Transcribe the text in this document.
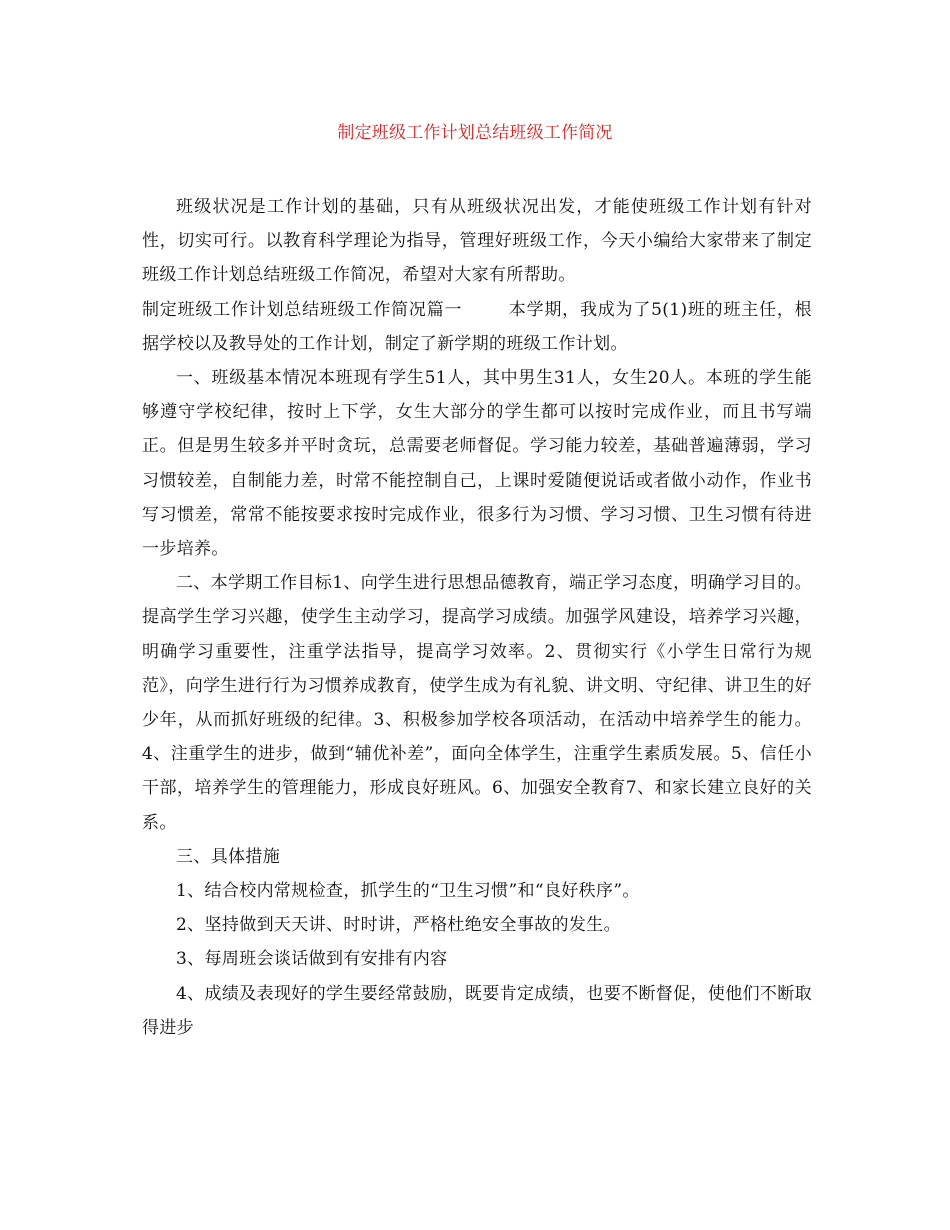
制定班级工作计划总结班级工作简况

班级状况是工作计划的基础，只有从班级状况出发，才能使班级工作计划有针对性，切实可行。以教育科学理论为指导，管理好班级工作，今天小编给大家带来了制定班级工作计划总结班级工作简况，希望对大家有所帮助。

制定班级工作计划总结班级工作简况篇一	本学期，我成为了5(1)班的班主任，根据学校以及教导处的工作计划，制定了新学期的班级工作计划。

一、班级基本情况本班现有学生51人，其中男生31人，女生20人。本班的学生能够遵守学校纪律，按时上下学，女生大部分的学生都可以按时完成作业，而且书写端正。但是男生较多并平时贪玩，总需要老师督促。学习能力较差，基础普遍薄弱，学习习惯较差，自制能力差，时常不能控制自己，上课时爱随便说话或者做小动作，作业书写习惯差，常常不能按要求按时完成作业，很多行为习惯、学习习惯、卫生习惯有待进一步培养。

二、本学期工作目标1、向学生进行思想品德教育，端正学习态度，明确学习目的。提高学生学习兴趣，使学生主动学习，提高学习成绩。加强学风建设，培养学习兴趣，明确学习重要性，注重学法指导，提高学习效率。2、贯彻实行《小学生日常行为规范》，向学生进行行为习惯养成教育，使学生成为有礼貌、讲文明、守纪律、讲卫生的好少年，从而抓好班级的纪律。3、积极参加学校各项活动，在活动中培养学生的能力。4、注重学生的进步，做到“辅优补差”，面向全体学生，注重学生素质发展。5、信任小干部，培养学生的管理能力，形成良好班风。6、加强安全教育7、和家长建立良好的关系。

三、具体措施

1、结合校内常规检查，抓学生的“卫生习惯”和“良好秩序”。

2、坚持做到天天讲、时时讲，严格杜绝安全事故的发生。

3、每周班会谈话做到有安排有内容

4、成绩及表现好的学生要经常鼓励，既要肯定成绩，也要不断督促，使他们不断取得进步
